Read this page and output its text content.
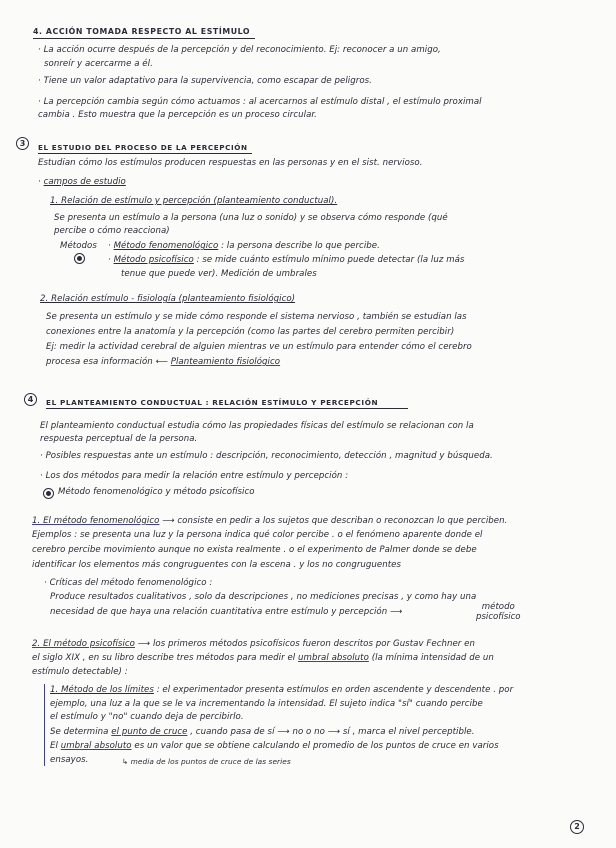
4. ACCIÓN TOMADA RESPECTO AL ESTÍMULO
· La acción ocurre después de la percepción y del reconocimiento. Ej: reconocer a un amigo,
sonreír y acercarme a él.
· Tiene un valor adaptativo para la supervivencia, como escapar de peligros.
· La percepción cambia según cómo actuamos : al acercarnos al estímulo distal , el estímulo proximal
cambia . Esto muestra que la percepción es un proceso circular.
3	EL ESTUDIO DEL PROCESO DE LA PERCEPCIÓN
Estudian cómo los estímulos producen respuestas en las personas y en el sist. nervioso.
· campos de estudio
1. Relación de estímulo y percepción (planteamiento conductual).
Se presenta un estímulo a la persona (una luz o sonido) y se observa cómo responde (qué
percibe o cómo reacciona)
Métodos · Método fenomenológico : la persona describe lo que percibe.
· Método psicofísico : se mide cuánto estímulo mínimo puede detectar (la luz más
tenue que puede ver). Medición de umbrales
2. Relación estímulo - fisiología (planteamiento fisiológico)
Se presenta un estímulo y se mide cómo responde el sistema nervioso , también se estudian las
conexiones entre la anatomía y la percepción (como las partes del cerebro permiten percibir)
Ej: medir la actividad cerebral de alguien mientras ve un estímulo para entender cómo el cerebro
procesa esa información ⟵ Planteamiento fisiológico
4	EL PLANTEAMIENTO CONDUCTUAL : RELACIÓN ESTÍMULO Y PERCEPCIÓN
El planteamiento conductual estudia cómo las propiedades físicas del estímulo se relacionan con la
respuesta perceptual de la persona.
· Posibles respuestas ante un estímulo : descripción, reconocimiento, detección , magnitud y búsqueda.
· Los dos métodos para medir la relación entre estímulo y percepción :
Método fenomenológico y método psicofísico
1. El método fenomenológico ⟶ consiste en pedir a los sujetos que describan o reconozcan lo que perciben.
Ejemplos : se presenta una luz y la persona indica qué color percibe . o el fenómeno aparente donde el
cerebro percibe movimiento aunque no exista realmente . o el experimento de Palmer donde se debe
identificar los elementos más congruguentes con la escena . y los no congruguentes
· Críticas del método fenomenológico :
Produce resultados cualitativos , solo da descripciones , no mediciones precisas , y como hay una
necesidad de que haya una relación cuantitativa entre estímulo y percepción ⟶	método
psicofísico
2. El método psicofísico ⟶ los primeros métodos psicofísicos fueron descritos por Gustav Fechner en
el siglo XIX , en su libro describe tres métodos para medir el umbral absoluto (la mínima intensidad de un
estímulo detectable) :
1. Método de los límites : el experimentador presenta estímulos en orden ascendente y descendente . por
ejemplo, una luz a la que se le va incrementando la intensidad. El sujeto indica "sí" cuando percibe
el estímulo y "no" cuando deja de percibirlo.
Se determina el punto de cruce , cuando pasa de sí ⟶ no o no ⟶ sí , marca el nivel perceptible.
El umbral absoluto es un valor que se obtiene calculando el promedio de los puntos de cruce en varios
ensayos.	↳ media de los puntos de cruce de las series
2
